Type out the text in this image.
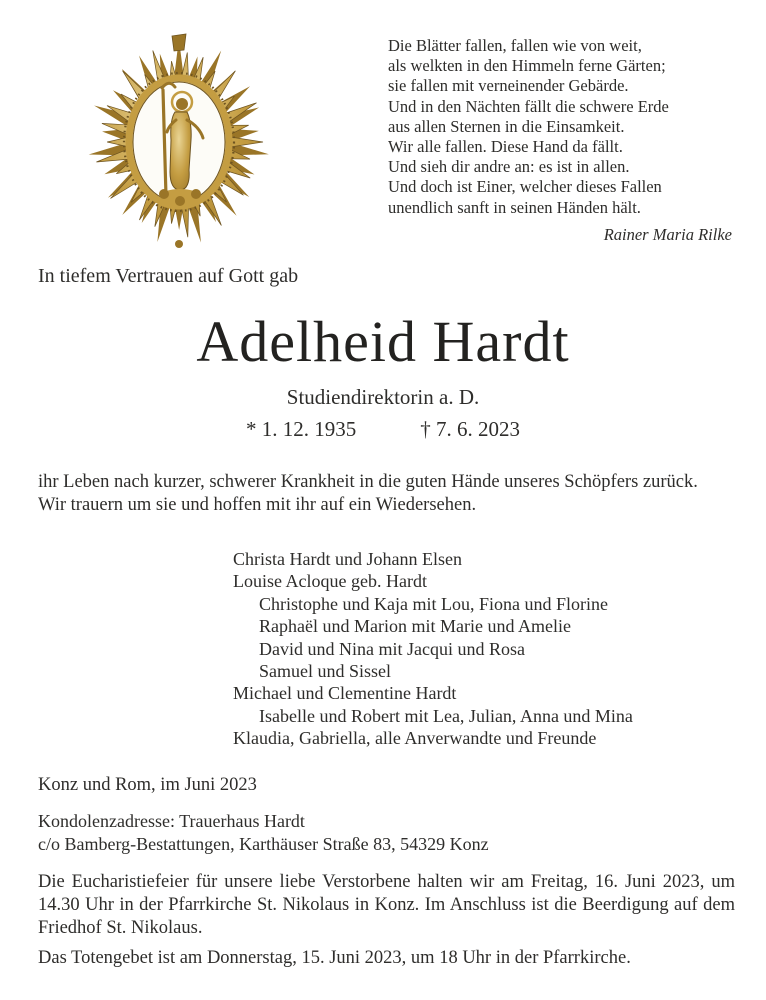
Die Blätter fallen, fallen wie von weit,
als welkten in den Himmeln ferne Gärten;
sie fallen mit verneinender Gebärde.
Und in den Nächten fällt die schwere Erde
aus allen Sternen in die Einsamkeit.
Wir alle fallen. Diese Hand da fällt.
Und sieh dir andre an: es ist in allen.
Und doch ist Einer, welcher dieses Fallen
unendlich sanft in seinen Händen hält.
Rainer Maria Rilke
In tiefem Vertrauen auf Gott gab
Adelheid Hardt
Studiendirektorin a. D.
* 1. 12. 1935	† 7. 6. 2023
ihr Leben nach kurzer, schwerer Krankheit in die guten Hände unseres Schöpfers zurück. Wir trauern um sie und hoffen mit ihr auf ein Wiedersehen.
Christa Hardt und Johann Elsen
Louise Acloque geb. Hardt
Christophe und Kaja mit Lou, Fiona und Florine
Raphaël und Marion mit Marie und Amelie
David und Nina mit Jacqui und Rosa
Samuel und Sissel
Michael und Clementine Hardt
Isabelle und Robert mit Lea, Julian, Anna und Mina
Klaudia, Gabriella, alle Anverwandte und Freunde
Konz und Rom, im Juni 2023
Kondolenzadresse: Trauerhaus Hardt
c/o Bamberg-Bestattungen, Karthäuser Straße 83, 54329 Konz
Die Eucharistiefeier für unsere liebe Verstorbene halten wir am Freitag, 16. Juni 2023, um 14.30 Uhr in der Pfarrkirche St. Nikolaus in Konz. Im Anschluss ist die Beerdigung auf dem Friedhof St. Nikolaus.
Das Totengebet ist am Donnerstag, 15. Juni 2023, um 18 Uhr in der Pfarrkirche.
